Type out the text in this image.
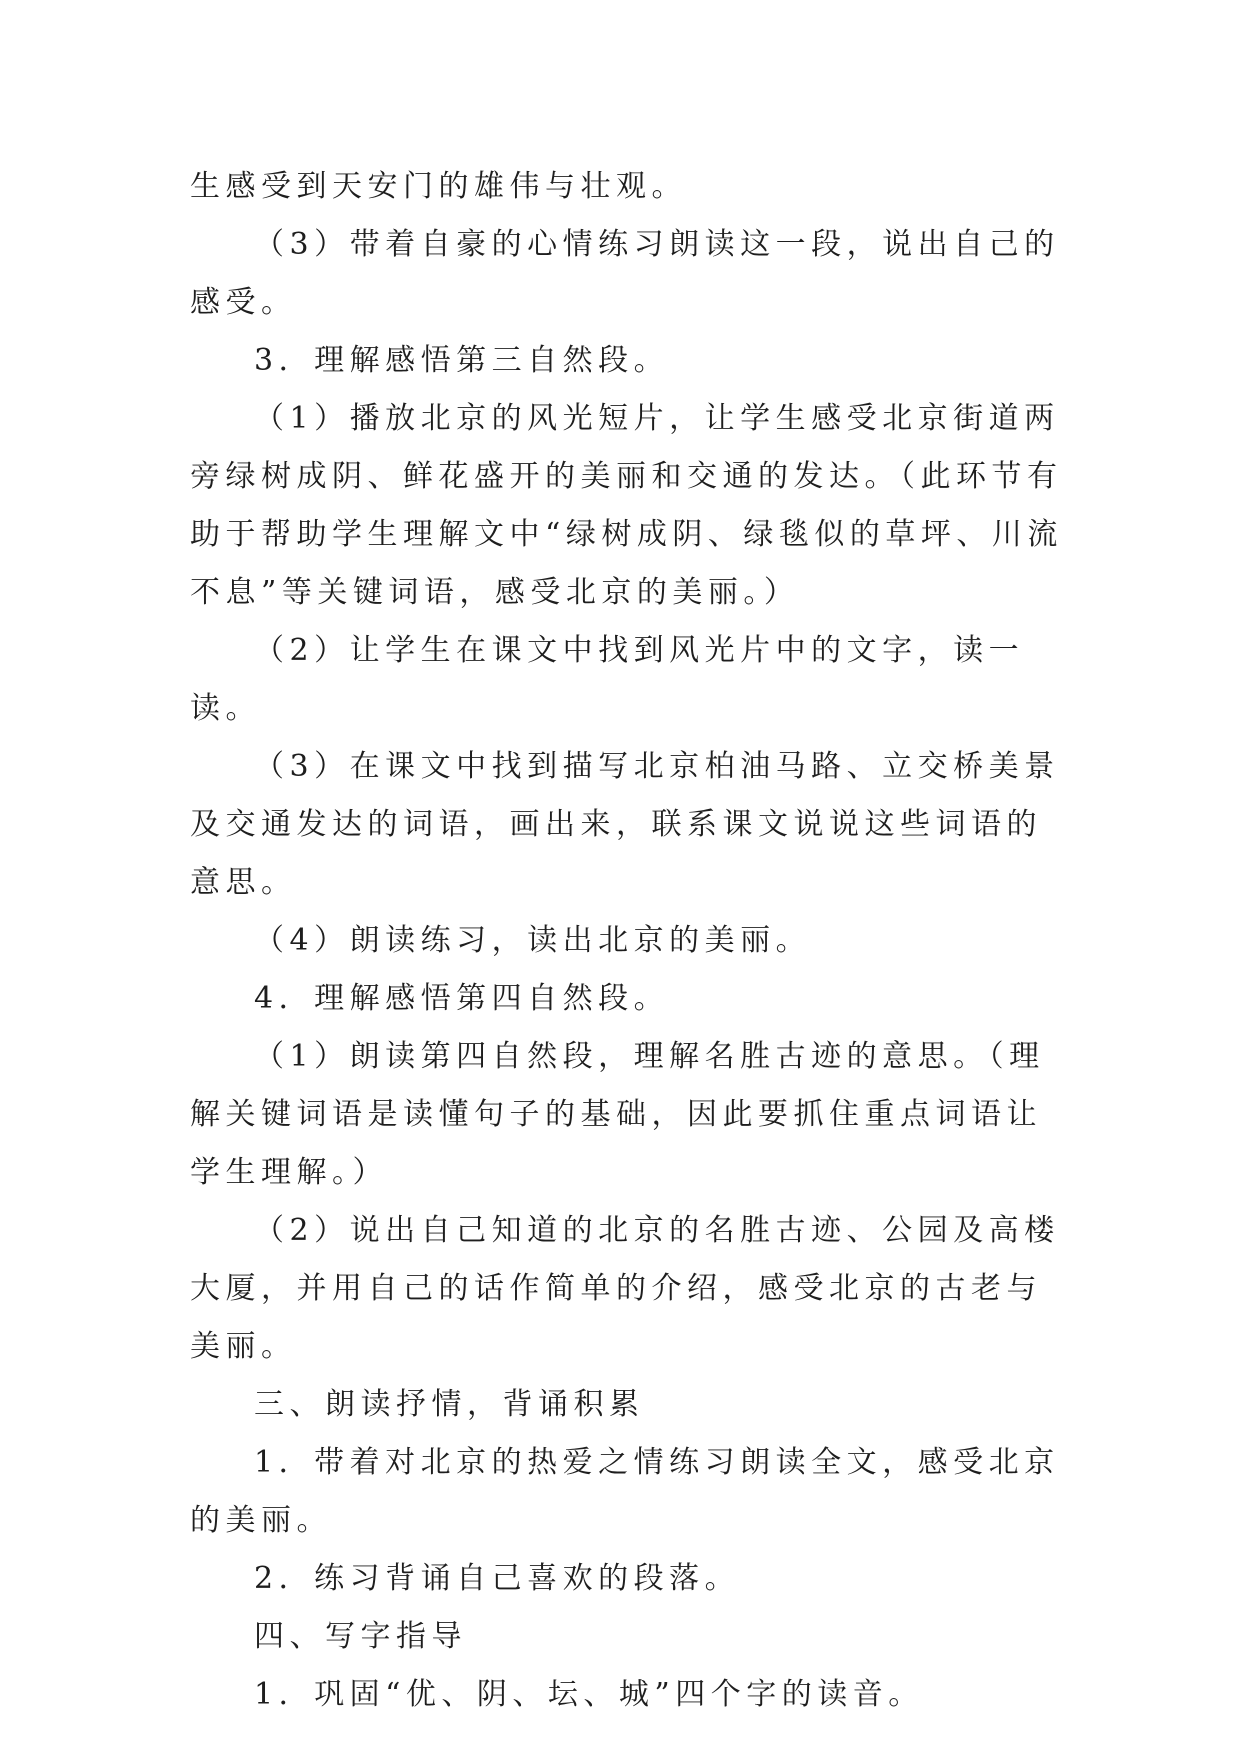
生感受到天安门的雄伟与壮观。

（3）带着自豪的心情练习朗读这一段，说出自己的感受。

3．理解感悟第三自然段。

（1）播放北京的风光短片，让学生感受北京街道两旁绿树成阴、鲜花盛开的美丽和交通的发达。（此环节有助于帮助学生理解文中“绿树成阴、绿毯似的草坪、川流不息”等关键词语，感受北京的美丽。）

（2）让学生在课文中找到风光片中的文字，读一读。

（3）在课文中找到描写北京柏油马路、立交桥美景及交通发达的词语，画出来，联系课文说说这些词语的意思。

（4）朗读练习，读出北京的美丽。

4．理解感悟第四自然段。

（1）朗读第四自然段，理解名胜古迹的意思。（理解关键词语是读懂句子的基础，因此要抓住重点词语让学生理解。）

（2）说出自己知道的北京的名胜古迹、公园及高楼大厦，并用自己的话作简单的介绍，感受北京的古老与美丽。

三、朗读抒情，背诵积累

1．带着对北京的热爱之情练习朗读全文，感受北京的美丽。

2．练习背诵自己喜欢的段落。

四、写字指导

1．巩固“优、阴、坛、城”四个字的读音。
